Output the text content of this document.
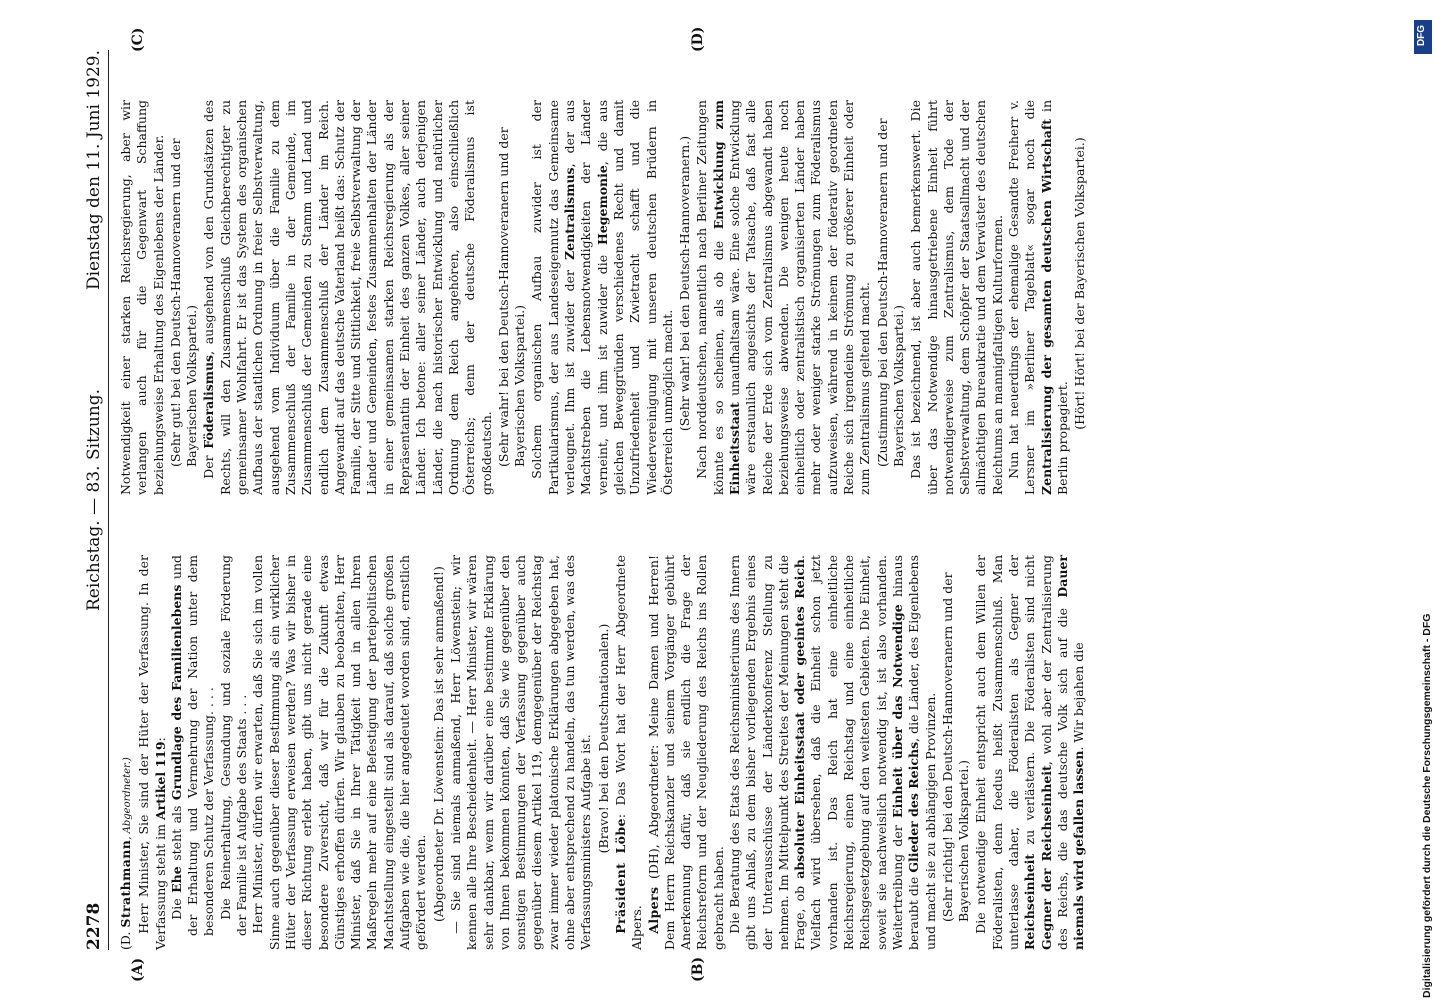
2278
Reichstag. — 83. Sitzung.
Dienstag den 11. Juni 1929.
(A)	(B)
(C)	(D)

(D. Strathmann, Abgeordneter.) Herr Minister, Sie sind der Hüter der Verfassung. In der Verfassung steht im Artikel 119:

Die Ehe steht als Grundlage des Familienlebens und der Erhaltung und Vermehrung der Nation unter dem besonderen Schutz der Verfassung. . . . Die Reinerhaltung, Gesundung und soziale Förderung der Familie ist Aufgabe des Staats . . . Herr Minister, dürfen wir erwarten, daß Sie sich im vollen Sinne auch gegenüber dieser Bestimmung als ein wirklicher Hüter der Verfassung erweisen werden? Was wir bisher in dieser Richtung erlebt haben, gibt uns nicht gerade eine besondere Zuversicht, daß wir für die Zukunft etwas Günstiges erhoffen dürfen. Wir glauben zu beobachten, Herr Minister, daß Sie in Ihrer Tätigkeit und in allen Ihren Maßregeln mehr auf eine Befestigung der parteipolitischen Machtstellung eingestellt sind als darauf, daß solche großen Aufgaben wie die, die hier angedeutet worden sind, ernstlich gefördert werden. (Abgeordneter Dr. Löwenstein: Das ist sehr anmaßend!) — Sie sind niemals anmaßend, Herr Löwenstein; wir kennen alle Ihre Bescheidenheit. — Herr Minister, wir wären sehr dankbar, wenn wir darüber eine bestimmte Erklärung von Ihnen bekommen könnten, daß Sie wie gegenüber den sonstigen Bestimmungen der Verfassung gegenüber auch gegenüber diesem Artikel 119, demgegenüber der Reichstag zwar immer wieder platonische Erklärungen abgegeben hat, ohne aber entsprechend zu handeln, das tun werden, was des Verfassungsministers Aufgabe ist. (Bravo! bei den Deutschnationalen.)

Präsident Löbe: Das Wort hat der Herr Abgeordnete Alpers. Alpers (DH), Abgeordneter: Meine Damen und Herren! Dem Herrn Reichskanzler und seinem Vorgänger gebührt Anerkennung dafür, daß sie endlich die Frage der Reichsreform und der Neugliederung des Reichs ins Rollen gebracht haben. Die Beratung des Etats des Reichsministeriums des Innern gibt uns Anlaß, zu dem bisher vorliegenden Ergebnis eines der Unterausschüsse der Länderkonferenz Stellung zu nehmen. Im Mittelpunkt des Streites der Meinungen steht die Frage, ob absoluter Einheitsstaat oder geeintes Reich. Vielfach wird übersehen, daß die Einheit schon jetzt vorhanden ist. Das Reich hat eine einheitliche Reichsregierung, einen Reichstag und eine einheitliche Reichsgesetzgebung auf den weitesten Gebieten. Die Einheit, soweit sie nachweislich notwendig ist, ist also vorhanden. Weitertreibung der Einheit über das Notwendige hinaus beraubt die Glieder des Reichs, die Länder, des Eigenlebens und macht sie zu abhängigen Provinzen. (Sehr richtig! bei den Deutsch-Hannoveranern und der Bayerischen Volkspartei.) Die notwendige Einheit entspricht auch dem Willen der Föderalisten, denn foedus heißt Zusammenschluß. Man unterlasse daher, die Föderalisten als Gegner der Reichseinheit zu verlästern. Die Föderalisten sind nicht Gegner der Reichseinheit, wohl aber der Zentralisierung des Reichs, die das deutsche Volk sich auf die Dauer niemals wird gefallen lassen. Wir bejahen die

Notwendigkeit einer starken Reichsregierung, aber wir verlangen auch für die Gegenwart Schaffung beziehungsweise Erhaltung des Eigenlebens der Länder. (Sehr gut! bei den Deutsch-Hannoveranern und der Bayerischen Volkspartei.) Der Föderalismus, ausgehend von den Grundsätzen des Rechts, will den Zusammenschluß Gleichberechtigter zu gemeinsamer Wohlfahrt. Er ist das System des organischen Aufbaus der staatlichen Ordnung in freier Selbstverwaltung, ausgehend vom Individuum über die Familie zu dem Zusammenschluß der Familie in der Gemeinde, im Zusammenschluß der Gemeinden zu Stamm und Land und endlich dem Zusammenschluß der Länder im Reich. Angewandt auf das deutsche Vaterland heißt das: Schutz der Familie, der Sitte und Sittlichkeit, freie Selbstverwaltung der Länder und Gemeinden, festes Zusammenhalten der Länder in einer gemeinsamen starken Reichsregierung als der Repräsentantin der Einheit des ganzen Volkes, aller seiner Länder. Ich betone: aller seiner Länder, auch derjenigen Länder, die nach historischer Entwicklung und natürlicher Ordnung dem Reich angehören, also einschließlich Österreichs; denn der deutsche Föderalismus ist großdeutsch. (Sehr wahr! bei den Deutsch-Hannoveranern und der Bayerischen Volkspartei.) Solchem organischen Aufbau zuwider ist der Partikularismus, der aus Landeseigennutz das Gemeinsame verleugnet. Ihm ist zuwider der Zentralismus, der aus Machtstreben die Lebensnotwendigkeiten der Länder verneint, und ihm ist zuwider die Hegemonie, die aus gleichen Beweggründen verschiedenes Recht und damit Unzufriedenheit und Zwietracht schafft und die Wiedervereinigung mit unseren deutschen Brüdern in Österreich unmöglich macht. (Sehr wahr! bei den Deutsch-Hannoveranern.) Nach norddeutschen, namentlich nach Berliner Zeitungen könnte es so scheinen, als ob die Entwicklung zum Einheitsstaat unaufhaltsam wäre. Eine solche Entwicklung wäre erstaunlich angesichts der Tatsache, daß fast alle Reiche der Erde sich vom Zentralismus abgewandt haben beziehungsweise abwenden. Die wenigen heute noch einheitlich oder zentralistisch organisierten Länder haben mehr oder weniger starke Strömungen zum Föderalismus aufzuweisen, während in keinem der föderativ geordneten Reiche sich irgendeine Strömung zu größerer Einheit oder zum Zentralismus geltend macht. (Zustimmung bei den Deutsch-Hannoveranern und der Bayerischen Volkspartei.) Das ist bezeichnend, ist aber auch bemerkenswert. Die über das Notwendige hinausgetriebene Einheit führt notwendigerweise zum Zentralismus, dem Tode der Selbstverwaltung, dem Schöpfer der Staatsallmacht und der allmächtigen Bureaukratie und dem Verwüster des deutschen Reichtums an mannigfaltigen Kulturformen. Nun hat neuerdings der ehemalige Gesandte Freiherr v. Lersner im »Berliner Tageblatt« sogar noch die Zentralisierung der gesamten deutschen Wirtschaft in Berlin propagiert.

(Hört! Hört! bei der Bayerischen Volkspartei.)

DFG
Digitalisierung gefördert durch die Deutsche Forschungsgemeinschaft - DFG
